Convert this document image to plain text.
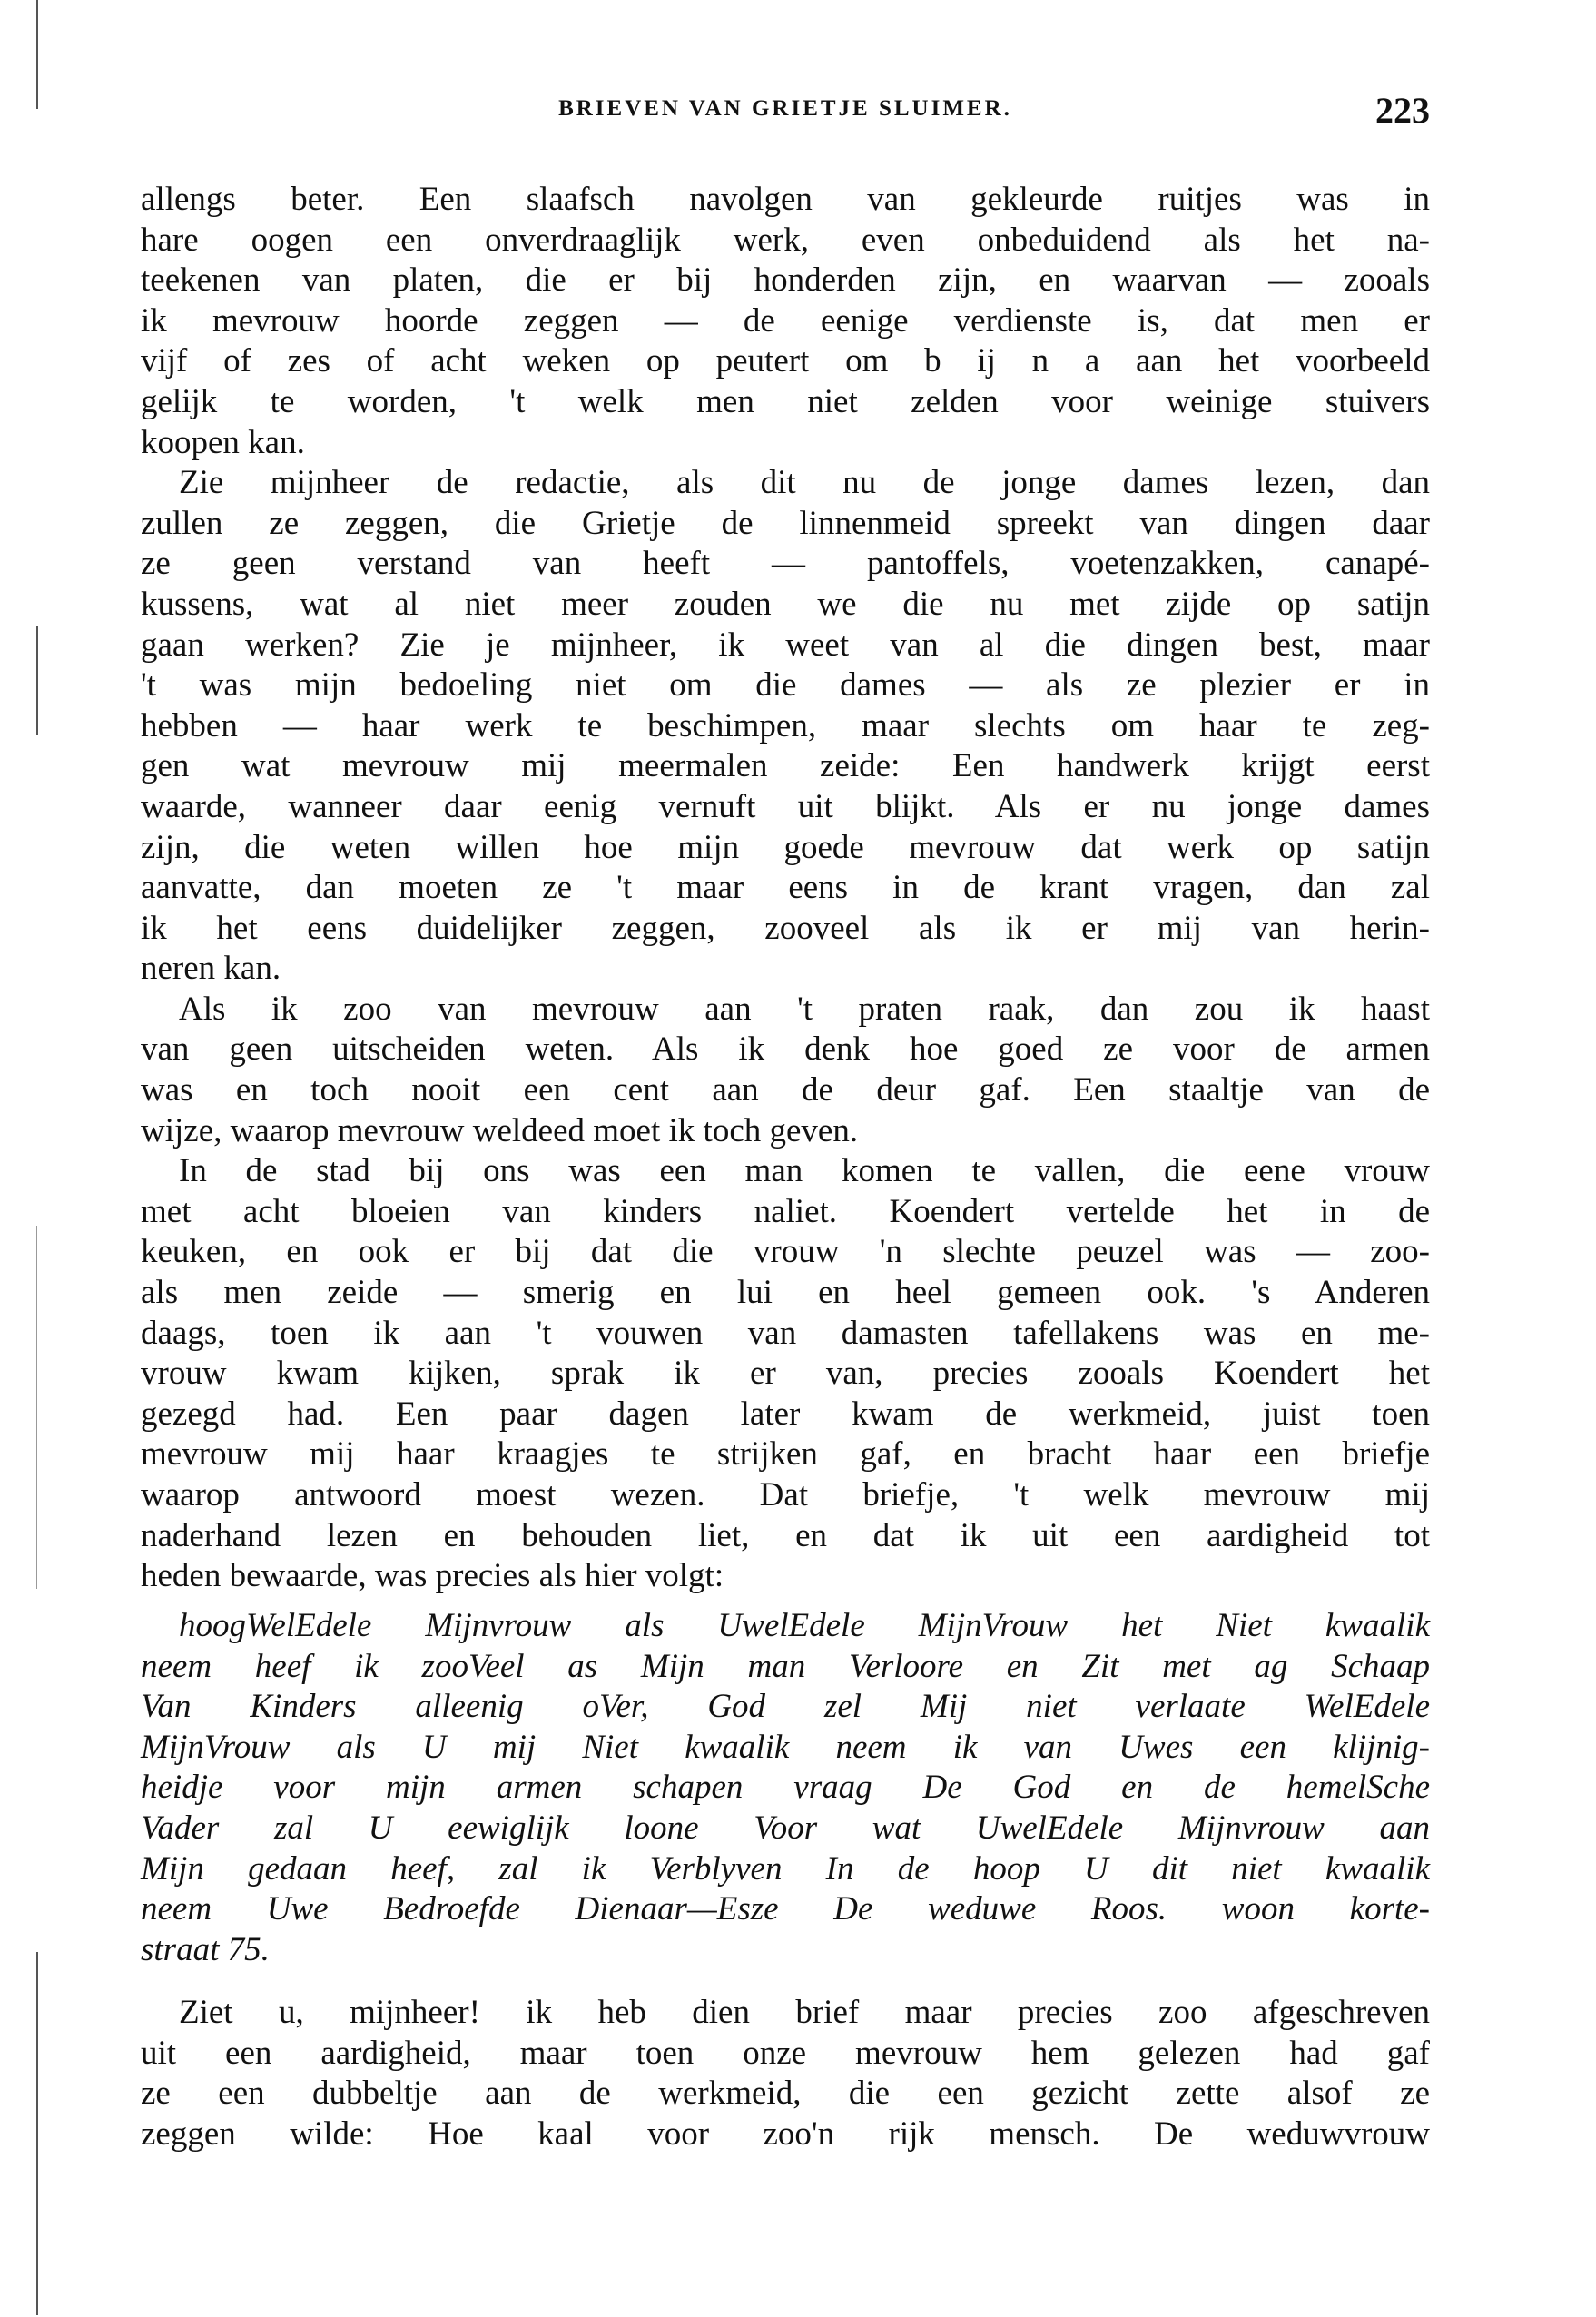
BRIEVEN VAN GRIETJE SLUIMER.	223
allengs beter. Een slaafsch navolgen van gekleurde ruitjes was in
hare oogen een onverdraaglijk werk, even onbeduidend als het na-
teekenen van platen, die er bij honderden zijn, en waarvan — zooals
ik mevrouw hoorde zeggen — de eenige verdienste is, dat men er
vijf of zes of acht weken op peutert om b ij n a aan het voorbeeld
gelijk te worden, 't welk men niet zelden voor weinige stuivers
koopen kan.
Zie mijnheer de redactie, als dit nu de jonge dames lezen, dan
zullen ze zeggen, die Grietje de linnenmeid spreekt van dingen daar
ze geen verstand van heeft — pantoffels, voetenzakken, canapé-
kussens, wat al niet meer zouden we die nu met zijde op satijn
gaan werken? Zie je mijnheer, ik weet van al die dingen best, maar
't was mijn bedoeling niet om die dames — als ze plezier er in
hebben — haar werk te beschimpen, maar slechts om haar te zeg-
gen wat mevrouw mij meermalen zeide: Een handwerk krijgt eerst
waarde, wanneer daar eenig vernuft uit blijkt. Als er nu jonge dames
zijn, die weten willen hoe mijn goede mevrouw dat werk op satijn
aanvatte, dan moeten ze 't maar eens in de krant vragen, dan zal
ik het eens duidelijker zeggen, zooveel als ik er mij van herin-
neren kan.
Als ik zoo van mevrouw aan 't praten raak, dan zou ik haast
van geen uitscheiden weten. Als ik denk hoe goed ze voor de armen
was en toch nooit een cent aan de deur gaf. Een staaltje van de
wijze, waarop mevrouw weldeed moet ik toch geven.
In de stad bij ons was een man komen te vallen, die eene vrouw
met acht bloeien van kinders naliet. Koendert vertelde het in de
keuken, en ook er bij dat die vrouw 'n slechte peuzel was — zoo-
als men zeide — smerig en lui en heel gemeen ook. 's Anderen
daags, toen ik aan 't vouwen van damasten tafellakens was en me-
vrouw kwam kijken, sprak ik er van, precies zooals Koendert het
gezegd had. Een paar dagen later kwam de werkmeid, juist toen
mevrouw mij haar kraagjes te strijken gaf, en bracht haar een briefje
waarop antwoord moest wezen. Dat briefje, 't welk mevrouw mij
naderhand lezen en behouden liet, en dat ik uit een aardigheid tot
heden bewaarde, was precies als hier volgt:
hoogWelEdele Mijnvrouw als UwelEdele MijnVrouw het Niet kwaalik
neem heef ik zooVeel as Mijn man Verloore en Zit met ag Schaap
Van Kinders alleenig oVer, God zel Mij niet verlaate WelEdele
MijnVrouw als U mij Niet kwaalik neem ik van Uwes een klijnig-
heidje voor mijn armen schapen vraag De God en de hemelSche
Vader zal U eewiglijk loone Voor wat UwelEdele Mijnvrouw aan
Mijn gedaan heef, zal ik Verblyven In de hoop U dit niet kwaalik
neem Uwe Bedroefde Dienaar—Esze De weduwe Roos. woon korte-
straat 75.
Ziet u, mijnheer! ik heb dien brief maar precies zoo afgeschreven
uit een aardigheid, maar toen onze mevrouw hem gelezen had gaf
ze een dubbeltje aan de werkmeid, die een gezicht zette alsof ze
zeggen wilde: Hoe kaal voor zoo'n rijk mensch. De weduwvrouw
